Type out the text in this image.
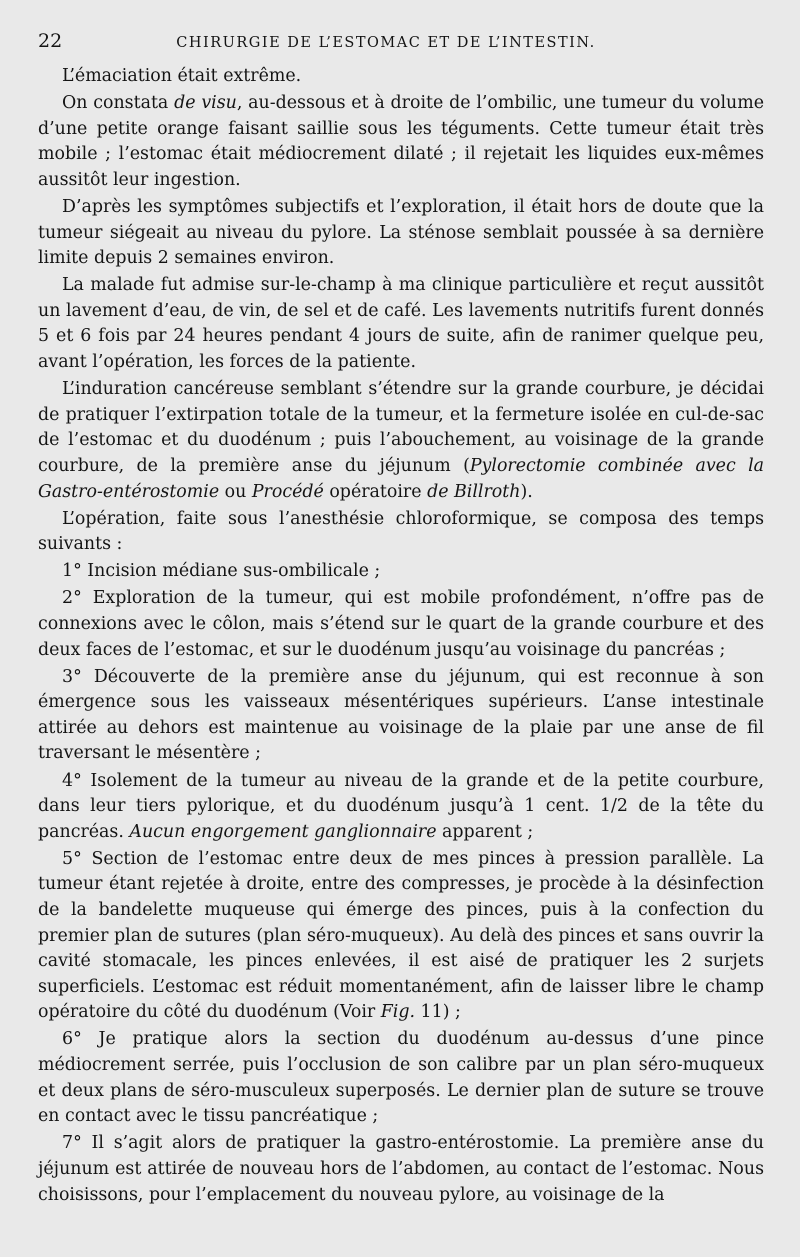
22	CHIRURGIE DE L’ESTOMAC ET DE L’INTESTIN.

L’émaciation était extrême.

On constata de visu, au-dessous et à droite de l’ombilic, une tumeur du volume d’une petite orange faisant saillie sous les téguments. Cette tumeur était très mobile ; l’estomac était médiocrement dilaté ; il rejetait les liquides eux-mêmes aussitôt leur ingestion.

D’après les symptômes subjectifs et l’exploration, il était hors de doute que la tumeur siégeait au niveau du pylore. La sténose semblait poussée à sa dernière limite depuis 2 semaines environ.

La malade fut admise sur-le-champ à ma clinique particulière et reçut aussitôt un lavement d’eau, de vin, de sel et de café. Les lavements nutritifs furent donnés 5 et 6 fois par 24 heures pendant 4 jours de suite, afin de ranimer quelque peu, avant l’opération, les forces de la patiente.

L’induration cancéreuse semblant s’étendre sur la grande courbure, je décidai de pratiquer l’extirpation totale de la tumeur, et la fermeture isolée en cul-de-sac de l’estomac et du duodénum ; puis l’abouchement, au voisinage de la grande courbure, de la première anse du jéjunum (Pylorectomie combinée avec la Gastro-entérostomie ou Procédé opératoire de Billroth).

L’opération, faite sous l’anesthésie chloroformique, se composa des temps suivants :

1° Incision médiane sus-ombilicale ;

2° Exploration de la tumeur, qui est mobile profondément, n’offre pas de connexions avec le côlon, mais s’étend sur le quart de la grande courbure et des deux faces de l’estomac, et sur le duodénum jusqu’au voisinage du pancréas ;

3° Découverte de la première anse du jéjunum, qui est reconnue à son émergence sous les vaisseaux mésentériques supérieurs. L’anse intestinale attirée au dehors est maintenue au voisinage de la plaie par une anse de fil traversant le mésentère ;

4° Isolement de la tumeur au niveau de la grande et de la petite courbure, dans leur tiers pylorique, et du duodénum jusqu’à 1 cent. 1/2 de la tête du pancréas. Aucun engorgement ganglionnaire apparent ;

5° Section de l’estomac entre deux de mes pinces à pression parallèle. La tumeur étant rejetée à droite, entre des compresses, je procède à la désinfection de la bandelette muqueuse qui émerge des pinces, puis à la confection du premier plan de sutures (plan séro-muqueux). Au delà des pinces et sans ouvrir la cavité stomacale, les pinces enlevées, il est aisé de pratiquer les 2 surjets superficiels. L’estomac est réduit momentanément, afin de laisser libre le champ opératoire du côté du duodénum (Voir Fig. 11) ;

6° Je pratique alors la section du duodénum au-dessus d’une pince médiocrement serrée, puis l’occlusion de son calibre par un plan séro-muqueux et deux plans de séro-musculeux superposés. Le dernier plan de suture se trouve en contact avec le tissu pancréatique ;

7° Il s’agit alors de pratiquer la gastro-entérostomie. La première anse du jéjunum est attirée de nouveau hors de l’abdomen, au contact de l’estomac. Nous choisissons, pour l’emplacement du nouveau pylore, au voisinage de la
